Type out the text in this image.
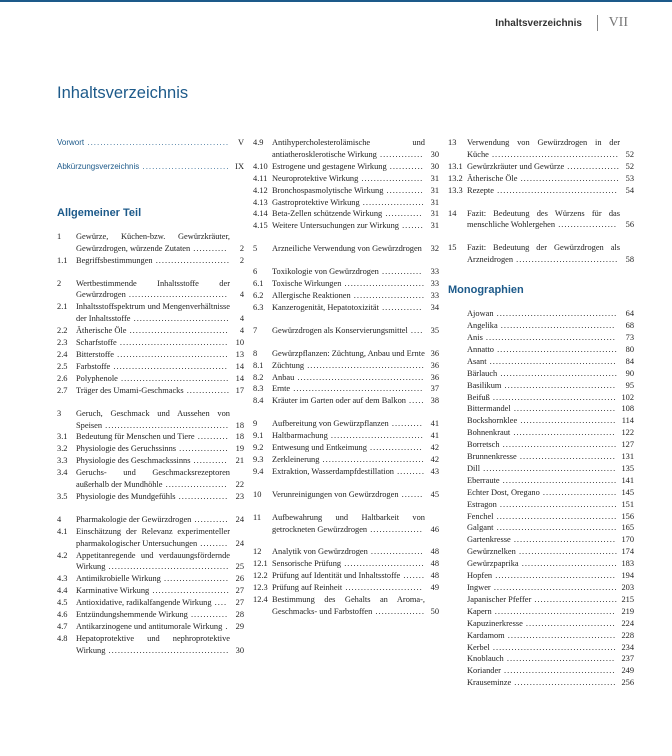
Inhaltsverzeichnis VII
Inhaltsverzeichnis
Vorwort ............................................	V
Abkürzungsverzeichnis ........................... IX
Allgemeiner Teil
1	Gewürze, Küchen-bzw. Gewürzkräuter, Gewürzdrogen, würzende Zutaten ...........	2
1.1	Begriffsbestimmungen ........................	2
2	Wertbestimmende Inhaltsstoffe der Gewürzdrogen ................................	4
2.1	Inhaltsstoffspektrum und Mengenverhältnisse der Inhaltsstoffe ...............................	4
2.2	Ätherische Öle ................................	4
2.3	Scharfstoffe ................................... 10
2.4	Bitterstoffe .................................... 13
2.5	Farbstoffe ..................................... 14
2.6	Polyphenole ................................... 14
2.7	Träger des Umami-Geschmacks .............. 17
3	Geruch, Geschmack und Aussehen von Speisen ........................................ 18
3.1	Bedeutung für Menschen und Tiere .......... 18
3.2	Physiologie des Geruchssinns ................ 19
3.3	Physiologie des Geschmackssinns ........... 21
3.4	Geruchs- und Geschmacksrezeptoren außerhalb der Mundhöhle .................... 22
3.5	Physiologie des Mundgefühls ................ 23
4	Pharmakologie der Gewürzdrogen ........... 24
4.1	Einschätzung der Relevanz experimenteller pharmakologischer Untersuchungen ......... 24
4.2	Appetitanregende und verdauungsfördernde Wirkung ....................................... 25
4.3	Antimikrobielle Wirkung ..................... 26
4.4	Karminative Wirkung ......................... 27
4.5	Antioxidative, radikalfangende Wirkung ....	27
4.6	Entzündungshemmende Wirkung ............ 28
4.7	Antikarzinogene und antitumorale Wirkung . 29
4.8	Hepatoprotektive und nephroprotektive Wirkung ....................................... 30
4.9	Antihypercholesterolämische und antiatherosklerotische Wirkung .............. 30
4.10 Estrogene und gestagene Wirkung ........... 30
4.11 Neuroprotektive Wirkung .................... 31
4.12 Bronchospasmolytische Wirkung ............ 31
4.13 Gastroprotektive Wirkung .................... 31
4.14 Beta-Zellen schützende Wirkung ............ 31
4.15 Weitere Untersuchungen zur Wirkung ....... 31
5	Arzneiliche Verwendung von Gewürzdrogen	32
6	Toxikologie von Gewürzdrogen .............	33
6.1	Toxische Wirkungen .......................... 33
6.2	Allergische Reaktionen ....................... 33
6.3	Kanzerogenität, Hepatotoxizität ............. 34
7	Gewürzdrogen als Konservierungsmittel .... 35
8	Gewürzpflanzen: Züchtung, Anbau und Ernte 36
8.1	Züchtung ...................................... 36
8.2	Anbau ......................................... 36
8.3	Ernte .......................................... 37
8.4	Kräuter im Garten oder auf dem Balkon ..... 38
9	Aufbereitung von Gewürzpflanzen .......... 41
9.1	Haltbarmachung .............................. 41
9.2	Entwesung und Entkeimung ................. 42
9.3	Zerkleinerung ................................. 42
9.4	Extraktion, Wasserdampfdestillation ......... 43
10	Verunreinigungen von Gewürzdrogen ....... 45
11	Aufbewahrung und Haltbarkeit von getrockneten Gewürzdrogen ................. 46
12	Analytik von Gewürzdrogen ................. 48
12.1 Sensorische Prüfung .......................... 48
12.2 Prüfung auf Identität und Inhaltsstoffe ....... 48
12.3 Prüfung auf Reinheit ......................... 49
12.4 Bestimmung des Gehalts an Aroma-, Geschmacks- und Farbstoffen ................ 50
13	Verwendung von Gewürzdrogen in der Küche ......................................... 52
13.1 Gewürzkräuter und Gewürze ................. 52
13.2 Ätherische Öle ................................ 53
13.3 Rezepte ....................................... 54
14	Fazit: Bedeutung des Würzens für das menschliche Wohlergehen ...................	56
15	Fazit: Bedeutung der Gewürzdrogen als Arzneidrogen ................................. 58
Monographien
Ajowan ....................................... 64
Angelika .....................................	68
Anis ..........................................	73
Annatto ....................................... 80
Asant .........................................	84
Bärlauch ...................................... 90
Basilikum ....................................	95
Beifuß ........................................ 102
Bittermandel ................................. 108
Bockshornklee ............................... 114
Bohnenkraut ................................. 122
Borretsch ..................................... 127
Brunnenkresse ............................... 131
Dill ........................................... 135
Eberraute ..................................... 141
Echter Dost, Oregano ........................ 145
Estragon ...................................... 151
Fenchel ....................................... 156
Galgant ....................................... 165
Gartenkresse ................................. 170
Gewürznelken ................................ 174
Gewürzpaprika ............................... 183
Hopfen ....................................... 194
Ingwer ........................................ 203
Japanischer Pfeffer ........................... 215
Kapern ....................................... 219
Kapuzinerkresse ............................. 224
Kardamom ................................... 228
Kerbel ........................................ 234
Knoblauch ................................... 237
Koriander .................................... 249
Krauseminze ................................. 256
